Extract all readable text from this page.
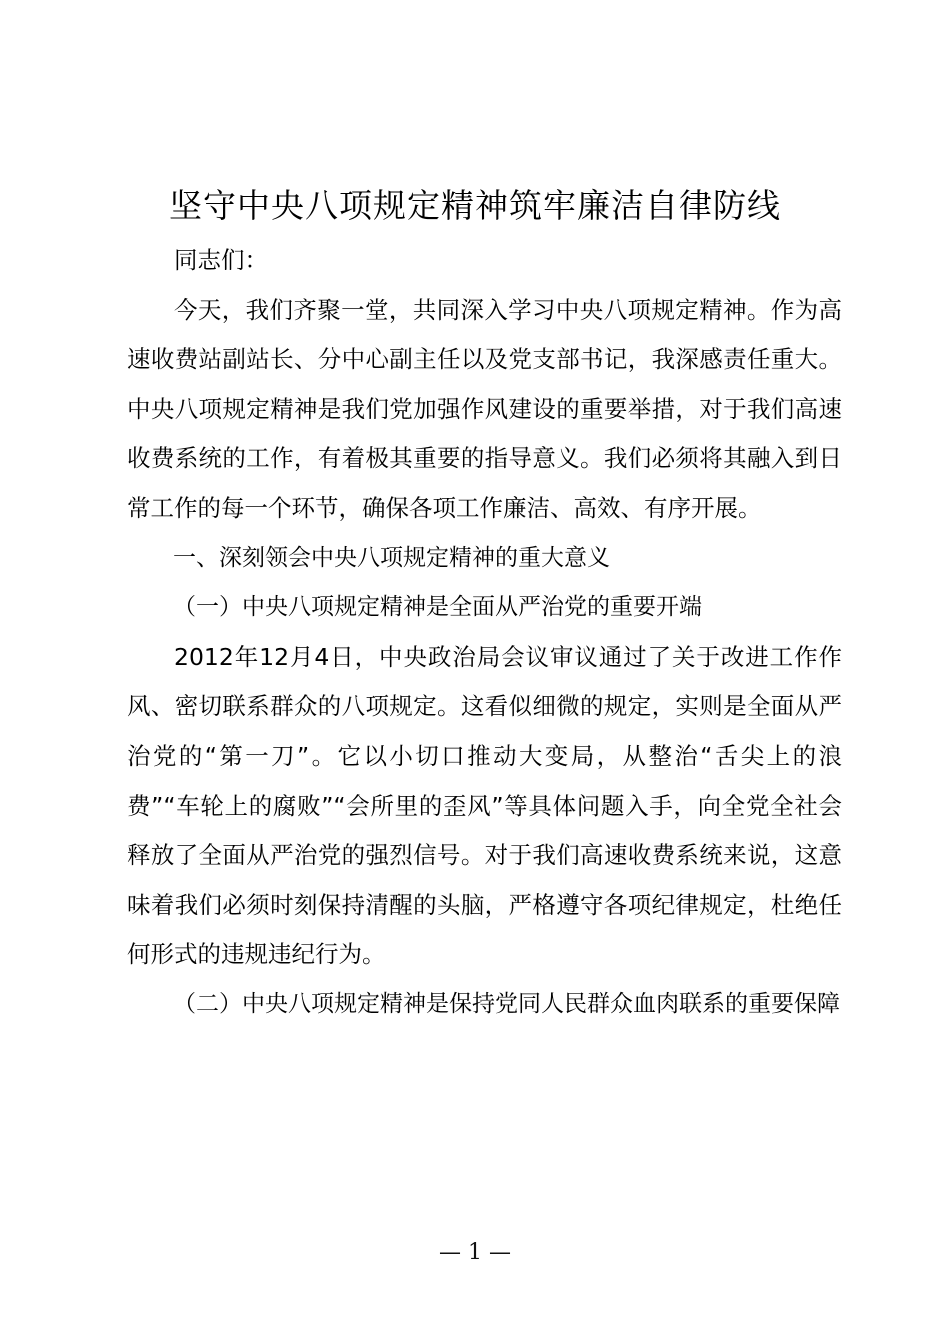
坚守中央八项规定精神筑牢廉洁自律防线

同志们：

今天，我们齐聚一堂，共同深入学习中央八项规定精神。作为高速收费站副站长、分中心副主任以及党支部书记，我深感责任重大。中央八项规定精神是我们党加强作风建设的重要举措，对于我们高速收费系统的工作，有着极其重要的指导意义。我们必须将其融入到日常工作的每一个环节，确保各项工作廉洁、高效、有序开展。

一、深刻领会中央八项规定精神的重大意义

（一）中央八项规定精神是全面从严治党的重要开端

2012年12月4日，中央政治局会议审议通过了关于改进工作作风、密切联系群众的八项规定。这看似细微的规定，实则是全面从严治党的“第一刀”。它以小切口推动大变局，从整治“舌尖上的浪费”“车轮上的腐败”“会所里的歪风”等具体问题入手，向全党全社会释放了全面从严治党的强烈信号。对于我们高速收费系统来说，这意味着我们必须时刻保持清醒的头脑，严格遵守各项纪律规定，杜绝任何形式的违规违纪行为。

（二）中央八项规定精神是保持党同人民群众血肉联系的重要保障

— 1 —
